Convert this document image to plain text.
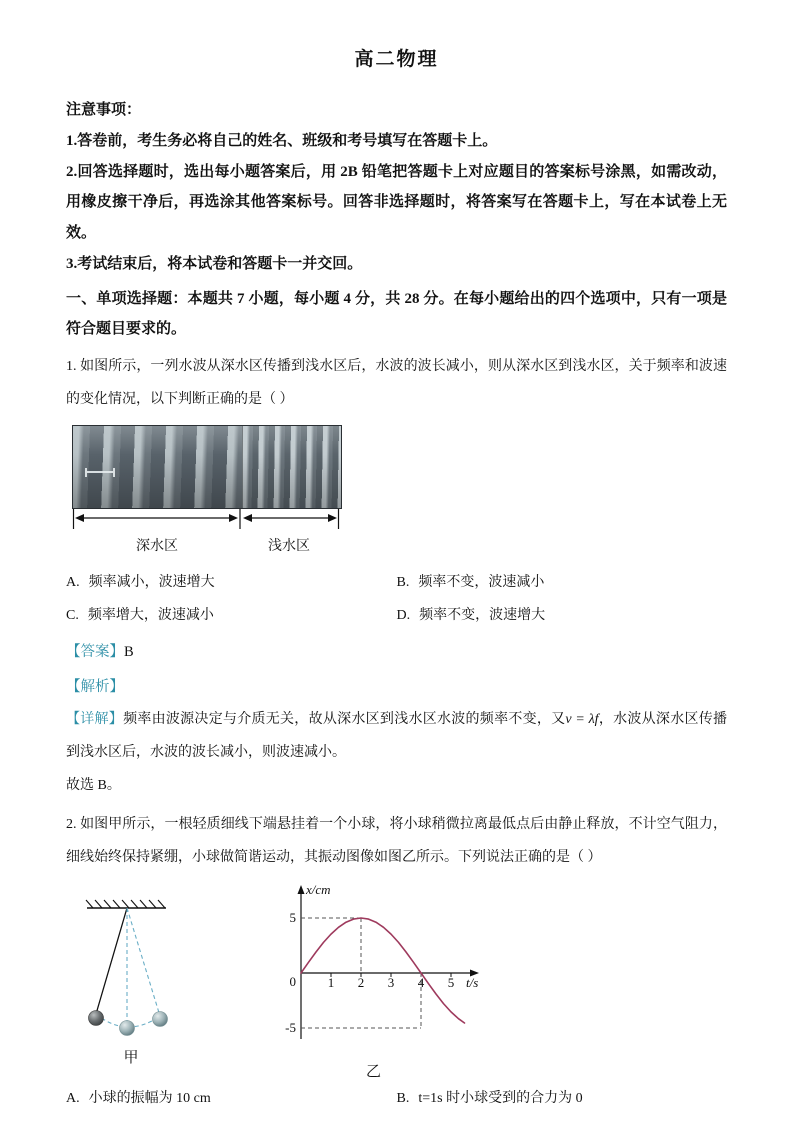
高二物理

注意事项：

1.答卷前，考生务必将自己的姓名、班级和考号填写在答题卡上。

2.回答选择题时，选出每小题答案后，用 2B 铅笔把答题卡上对应题目的答案标号涂黑，如需改动，用橡皮擦干净后，再选涂其他答案标号。回答非选择题时，将答案写在答题卡上，写在本试卷上无效。

3.考试结束后，将本试卷和答题卡一并交回。

一、单项选择题：本题共 7 小题，每小题 4 分，共 28 分。在每小题给出的四个选项中，只有一项是符合题目要求的。

1. 如图所示，一列水波从深水区传播到浅水区后，水波的波长减小，则从深水区到浅水区，关于频率和波速的变化情况，以下判断正确的是（ ）

深水区	浅水区
A. 频率减小，波速增大	B. 频率不变，波速减小
C. 频率增大，波速减小	D. 频率不变，波速增大

【答案】B

【解析】

【详解】频率由波源决定与介质无关，故从深水区到浅水区水波的频率不变，又v = λf，水波从深水区传播到浅水区后，水波的波长减小，则波速减小。

故选 B。

2. 如图甲所示，一根轻质细线下端悬挂着一个小球，将小球稍微拉离最低点后由静止释放，不计空气阻力，细线始终保持紧绷，小球做简谐运动，其振动图像如图乙所示。下列说法正确的是（ ）

甲
x/cm
t/s
5
0
-5
1 2 3 4 5
乙
A. 小球的振幅为 10 cm	B. t=1s 时小球受到的合力为 0
